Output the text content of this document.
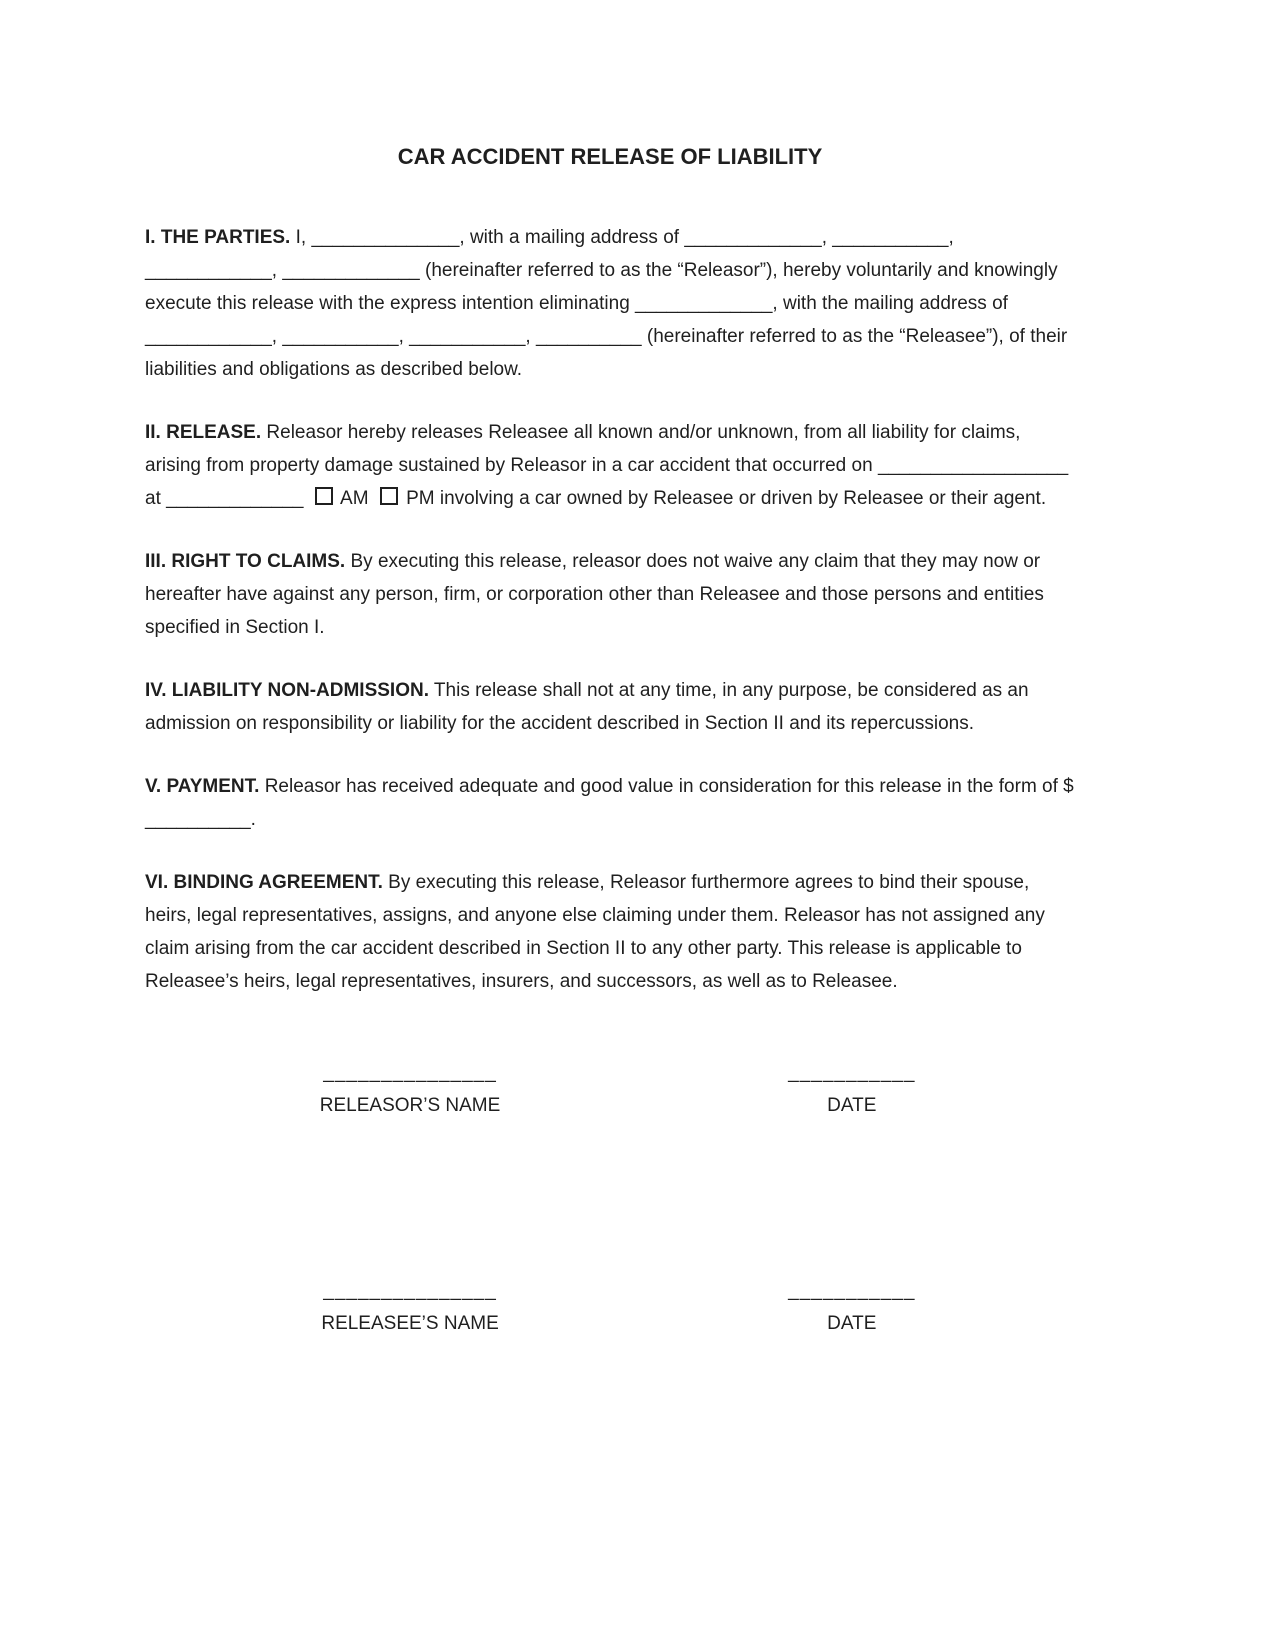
CAR ACCIDENT RELEASE OF LIABILITY

I. THE PARTIES. I, ______________, with a mailing address of _____________, ___________, ____________, _____________ (hereinafter referred to as the “Releasor”), hereby voluntarily and knowingly execute this release with the express intention eliminating _____________, with the mailing address of ____________, ___________, ___________, __________ (hereinafter referred to as the “Releasee”), of their liabilities and obligations as described below.

II. RELEASE. Releasor hereby releases Releasee all known and/or unknown, from all liability for claims, arising from property damage sustained by Releasor in a car accident that occurred on __________________ at _____________ AM PM involving a car owned by Releasee or driven by Releasee or their agent.

III. RIGHT TO CLAIMS. By executing this release, releasor does not waive any claim that they may now or hereafter have against any person, firm, or corporation other than Releasee and those persons and entities specified in Section I.

IV. LIABILITY NON-ADMISSION. This release shall not at any time, in any purpose, be considered as an admission on responsibility or liability for the accident described in Section II and its repercussions.

V. PAYMENT. Releasor has received adequate and good value in consideration for this release in the form of $ __________.

VI. BINDING AGREEMENT. By executing this release, Releasor furthermore agrees to bind their spouse, heirs, legal representatives, assigns, and anyone else claiming under them. Releasor has not assigned any claim arising from the car accident described in Section II to any other party. This release is applicable to Releasee’s heirs, legal representatives, insurers, and successors, as well as to Releasee.

_______________
RELEASOR’S NAME
___________
DATE
_______________
RELEASEE’S NAME
___________
DATE
